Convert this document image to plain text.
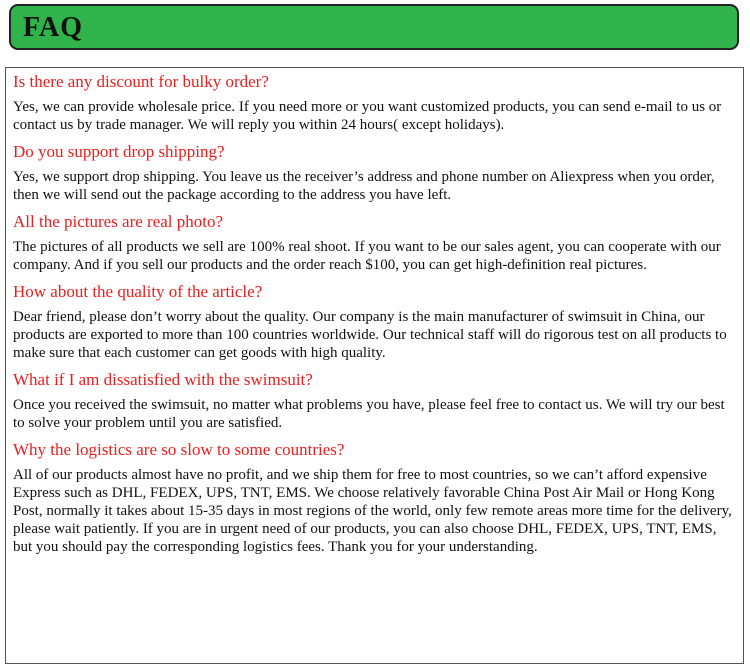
FAQ
Is there any discount for bulky order?

Yes, we can provide wholesale price. If you need more or you want customized products, you can send e-mail to us or contact us by trade manager. We will reply you within 24 hours( except holidays).

Do you support drop shipping?

Yes, we support drop shipping. You leave us the receiver’s address and phone number on Aliexpress when you order, then we will send out the package according to the address you have left.

All the pictures are real photo?

The pictures of all products we sell are 100% real shoot. If you want to be our sales agent, you can cooperate with our company. And if you sell our products and the order reach $100, you can get high-definition real pictures.

How about the quality of the article?

Dear friend, please don’t worry about the quality. Our company is the main manufacturer of swimsuit in China, our products are exported to more than 100 countries worldwide. Our technical staff will do rigorous test on all products to make sure that each customer can get goods with high quality.

What if I am dissatisfied with the swimsuit?

Once you received the swimsuit, no matter what problems you have, please feel free to contact us. We will try our best to solve your problem until you are satisfied.

Why the logistics are so slow to some countries?

All of our products almost have no profit, and we ship them for free to most countries, so we can’t afford expensive Express such as DHL, FEDEX, UPS, TNT, EMS. We choose relatively favorable China Post Air Mail or Hong Kong Post, normally it takes about 15-35 days in most regions of the world, only few remote areas more time for the delivery, please wait patiently. If you are in urgent need of our products, you can also choose DHL, FEDEX, UPS, TNT, EMS, but you should pay the corresponding logistics fees. Thank you for your understanding.
